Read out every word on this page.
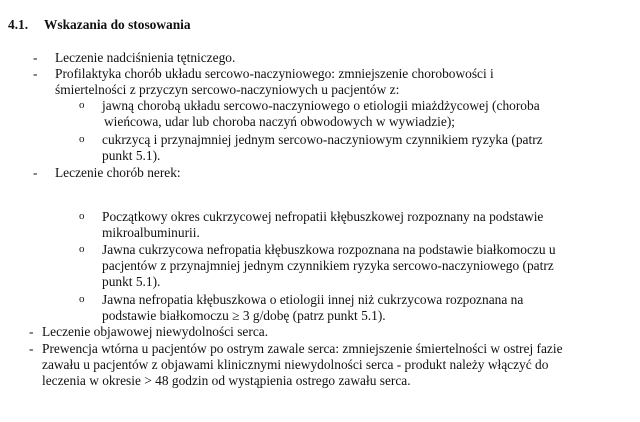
4.1. Wskazania do stosowania
- Leczenie nadciśnienia tętniczego.
- Profilaktyka chorób układu sercowo-naczyniowego: zmniejszenie chorobowości i
śmiertelności z przyczyn sercowo-naczyniowych u pacjentów z:
o jawną chorobą układu sercowo-naczyniowego o etiologii miażdżycowej (choroba
wieńcowa, udar lub choroba naczyń obwodowych w wywiadzie);
o cukrzycą i przynajmniej jednym sercowo-naczyniowym czynnikiem ryzyka (patrz
punkt 5.1).
- Leczenie chorób nerek:
o Początkowy okres cukrzycowej nefropatii kłębuszkowej rozpoznany na podstawie
mikroalbuminurii.
o Jawna cukrzycowa nefropatia kłębuszkowa rozpoznana na podstawie białkomoczu u
pacjentów z przynajmniej jednym czynnikiem ryzyka sercowo-naczyniowego (patrz
punkt 5.1).
o Jawna nefropatia kłębuszkowa o etiologii innej niż cukrzycowa rozpoznana na
podstawie białkomoczu ≥ 3 g/dobę (patrz punkt 5.1).
- Leczenie objawowej niewydolności serca.
- Prewencja wtórna u pacjentów po ostrym zawale serca: zmniejszenie śmiertelności w ostrej fazie
zawału u pacjentów z objawami klinicznymi niewydolności serca - produkt należy włączyć do
leczenia w okresie > 48 godzin od wystąpienia ostrego zawału serca.
